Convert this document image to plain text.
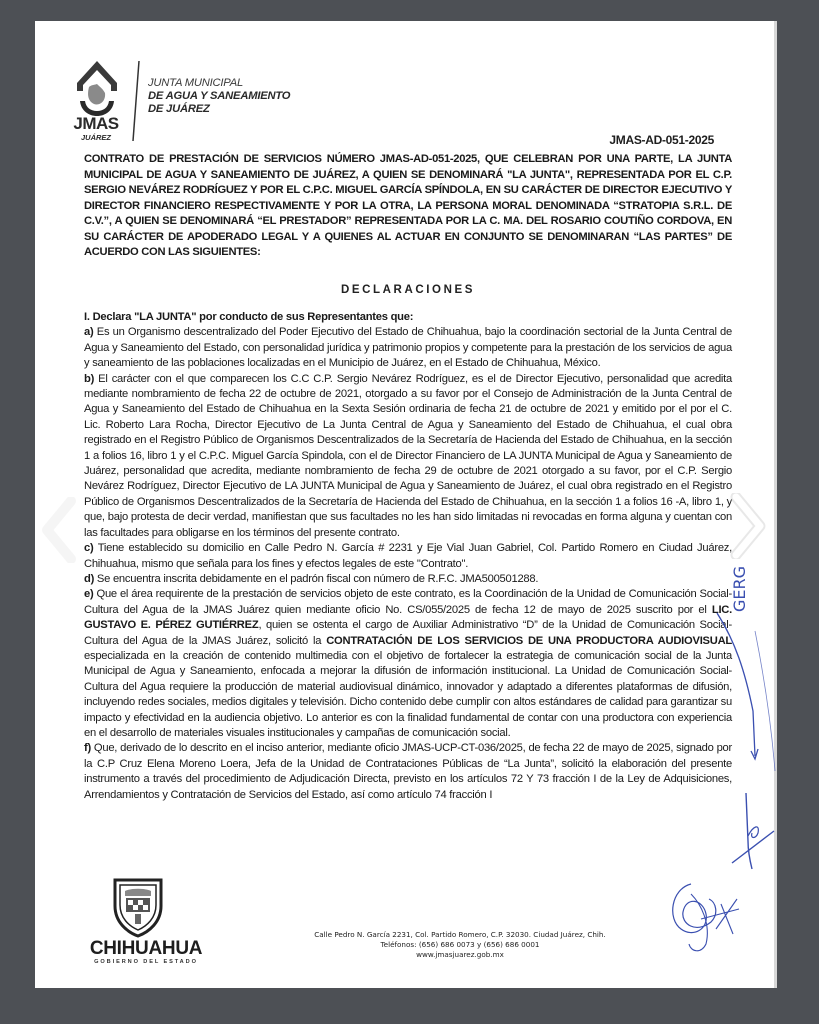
JMAS
JUÁREZ
JUNTA MUNICIPAL
DE AGUA Y SANEAMIENTO
DE JUÁREZ
JMAS-AD-051-2025
CONTRATO DE PRESTACIÓN DE SERVICIOS NÚMERO JMAS-AD-051-2025, QUE CELEBRAN POR UNA PARTE, LA JUNTA MUNICIPAL DE AGUA Y SANEAMIENTO DE JUÁREZ, A QUIEN SE DENOMINARÁ "LA JUNTA", REPRESENTADA POR EL C.P. SERGIO NEVÁREZ RODRÍGUEZ Y POR EL C.P.C. MIGUEL GARCÍA SPÍNDOLA, EN SU CARÁCTER DE DIRECTOR EJECUTIVO Y DIRECTOR FINANCIERO RESPECTIVAMENTE Y POR LA OTRA, LA PERSONA MORAL DENOMINADA “STRATOPIA S.R.L. DE C.V.”, A QUIEN SE DENOMINARÁ “EL PRESTADOR” REPRESENTADA POR LA C. MA. DEL ROSARIO COUTIÑO CORDOVA, EN SU CARÁCTER DE APODERADO LEGAL Y A QUIENES AL ACTUAR EN CONJUNTO SE DENOMINARAN “LAS PARTES” DE ACUERDO CON LAS SIGUIENTES:
DECLARACIONES

I. Declara "LA JUNTA" por conducto de sus Representantes que:

a) Es un Organismo descentralizado del Poder Ejecutivo del Estado de Chihuahua, bajo la coordinación sectorial de la Junta Central de Agua y Saneamiento del Estado, con personalidad jurídica y patrimonio propios y competente para la prestación de los servicios de agua y saneamiento de las poblaciones localizadas en el Municipio de Juárez, en el Estado de Chihuahua, México.

b) El carácter con el que comparecen los C.C C.P. Sergio Nevárez Rodríguez, es el de Director Ejecutivo, personalidad que acredita mediante nombramiento de fecha 22 de octubre de 2021, otorgado a su favor por el Consejo de Administración de la Junta Central de Agua y Saneamiento del Estado de Chihuahua en la Sexta Sesión ordinaria de fecha 21 de octubre de 2021 y emitido por el por el C. Lic. Roberto Lara Rocha, Director Ejecutivo de La Junta Central de Agua y Saneamiento del Estado de Chihuahua, el cual obra registrado en el Registro Público de Organismos Descentralizados de la Secretaría de Hacienda del Estado de Chihuahua, en la sección 1 a folios 16, libro 1 y el C.P.C. Miguel García Spindola, con el de Director Financiero de LA JUNTA Municipal de Agua y Saneamiento de Juárez, personalidad que acredita, mediante nombramiento de fecha 29 de octubre de 2021 otorgado a su favor, por el C.P. Sergio Nevárez Rodríguez, Director Ejecutivo de LA JUNTA Municipal de Agua y Saneamiento de Juárez, el cual obra registrado en el Registro Público de Organismos Descentralizados de la Secretaría de Hacienda del Estado de Chihuahua, en la sección 1 a folios 16 -A, libro 1, y que, bajo protesta de decir verdad, manifiestan que sus facultades no les han sido limitadas ni revocadas en forma alguna y cuentan con las facultades para obligarse en los términos del presente contrato.

c) Tiene establecido su domicilio en Calle Pedro N. García # 2231 y Eje Vial Juan Gabriel, Col. Partido Romero en Ciudad Juárez, Chihuahua, mismo que señala para los fines y efectos legales de este "Contrato".

d) Se encuentra inscrita debidamente en el padrón fiscal con número de R.F.C. JMA500501288.

e) Que el área requirente de la prestación de servicios objeto de este contrato, es la Coordinación de la Unidad de Comunicación Social-Cultura del Agua de la JMAS Juárez quien mediante oficio No. CS/055/2025 de fecha 12 de mayo de 2025 suscrito por el LIC. GUSTAVO E. PÉREZ GUTIÉRREZ, quien se ostenta el cargo de Auxiliar Administrativo “D” de la Unidad de Comunicación Social-Cultura del Agua de la JMAS Juárez, solicitó la CONTRATACIÓN DE LOS SERVICIOS DE UNA PRODUCTORA AUDIOVISUAL especializada en la creación de contenido multimedia con el objetivo de fortalecer la estrategia de comunicación social de la Junta Municipal de Agua y Saneamiento, enfocada a mejorar la difusión de información institucional. La Unidad de Comunicación Social-Cultura del Agua requiere la producción de material audiovisual dinámico, innovador y adaptado a diferentes plataformas de difusión, incluyendo redes sociales, medios digitales y televisión. Dicho contenido debe cumplir con altos estándares de calidad para garantizar su impacto y efectividad en la audiencia objetivo. Lo anterior es con la finalidad fundamental de contar con una productora con experiencia en el desarrollo de materiales visuales institucionales y campañas de comunicación social.

f) Que, derivado de lo descrito en el inciso anterior, mediante oficio JMAS-UCP-CT-036/2025, de fecha 22 de mayo de 2025, signado por la C.P Cruz Elena Moreno Loera, Jefa de la Unidad de Contrataciones Públicas de “La Junta”, solicitó la elaboración del presente instrumento a través del procedimiento de Adjudicación Directa, previsto en los artículos 72 Y 73 fracción I de la Ley de Adquisiciones, Arrendamientos y Contratación de Servicios del Estado, así como artículo 74 fracción I

CHIHUAHUA
GOBIERNO DEL ESTADO
Calle Pedro N. García 2231, Col. Partido Romero, C.P. 32030. Ciudad Juárez, Chih.
Teléfonos: (656) 686 0073 y (656) 686 0001
www.jmasjuarez.gob.mx
GERG
